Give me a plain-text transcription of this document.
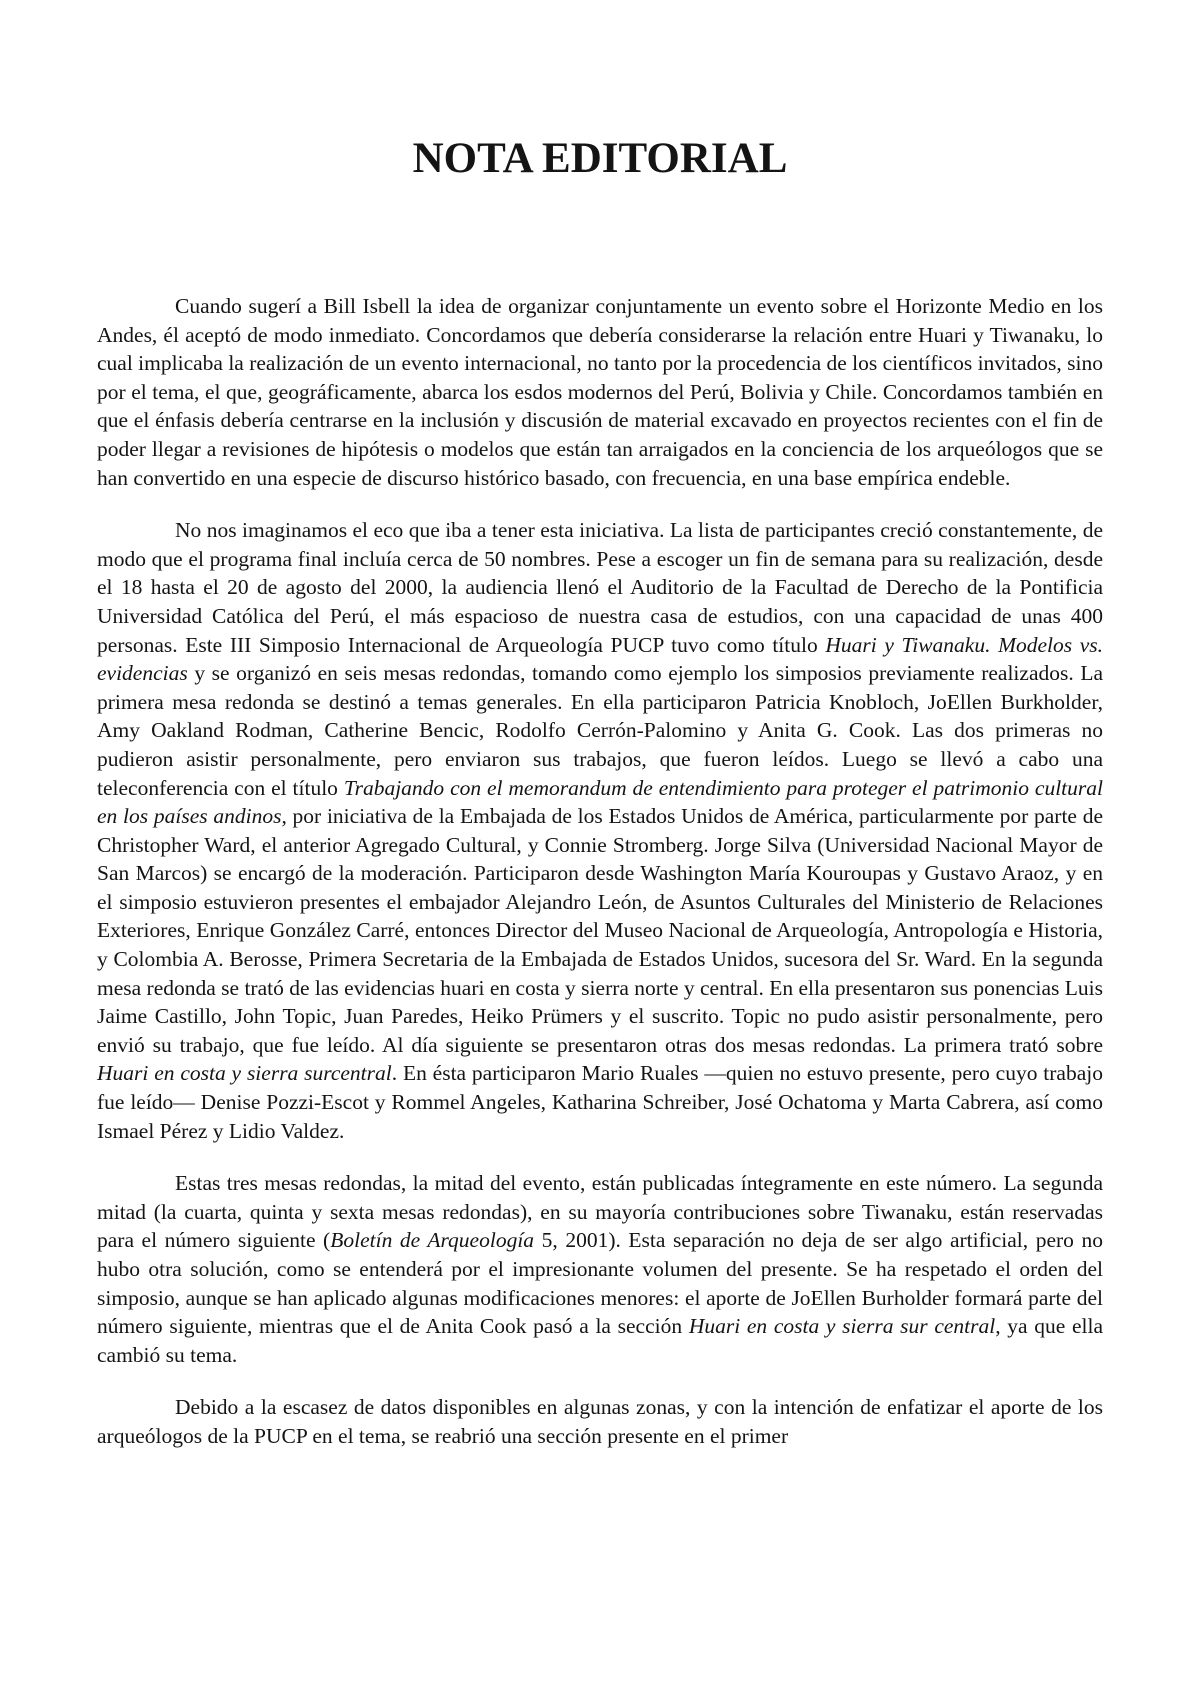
NOTA EDITORIAL

Cuando sugerí a Bill Isbell la idea de organizar conjuntamente un evento sobre el Horizonte Medio en los Andes, él aceptó de modo inmediato. Concordamos que debería considerarse la relación entre Huari y Tiwanaku, lo cual implicaba la realización de un evento internacional, no tanto por la procedencia de los científicos invitados, sino por el tema, el que, geográficamente, abarca los esdos modernos del Perú, Bolivia y Chile. Concordamos también en que el énfasis debería centrarse en la inclusión y discusión de material excavado en proyectos recientes con el fin de poder llegar a revisiones de hipótesis o modelos que están tan arraigados en la conciencia de los arqueólogos que se han convertido en una especie de discurso histórico basado, con frecuencia, en una base empírica endeble.

No nos imaginamos el eco que iba a tener esta iniciativa. La lista de participantes creció constantemente, de modo que el programa final incluía cerca de 50 nombres. Pese a escoger un fin de semana para su realización, desde el 18 hasta el 20 de agosto del 2000, la audiencia llenó el Auditorio de la Facultad de Derecho de la Pontificia Universidad Católica del Perú, el más espacioso de nuestra casa de estudios, con una capacidad de unas 400 personas. Este III Simposio Internacional de Arqueología PUCP tuvo como título Huari y Tiwanaku. Modelos vs. evidencias y se organizó en seis mesas redondas, tomando como ejemplo los simposios previamente realizados. La primera mesa redonda se destinó a temas generales. En ella participaron Patricia Knobloch, JoEllen Burkholder, Amy Oakland Rodman, Catherine Bencic, Rodolfo Cerrón-Palomino y Anita G. Cook. Las dos primeras no pudieron asistir personalmente, pero enviaron sus trabajos, que fueron leídos. Luego se llevó a cabo una teleconferencia con el título Trabajando con el memorandum de entendimiento para proteger el patrimonio cultural en los países andinos, por iniciativa de la Embajada de los Estados Unidos de América, particularmente por parte de Christopher Ward, el anterior Agregado Cultural, y Connie Stromberg. Jorge Silva (Universidad Nacional Mayor de San Marcos) se encargó de la moderación. Participaron desde Washington María Kouroupas y Gustavo Araoz, y en el simposio estuvieron presentes el embajador Alejandro León, de Asuntos Culturales del Ministerio de Relaciones Exteriores, Enrique González Carré, entonces Director del Museo Nacional de Arqueología, Antropología e Historia, y Colombia A. Berosse, Primera Secretaria de la Embajada de Estados Unidos, sucesora del Sr. Ward. En la segunda mesa redonda se trató de las evidencias huari en costa y sierra norte y central. En ella presentaron sus ponencias Luis Jaime Castillo, John Topic, Juan Paredes, Heiko Prümers y el suscrito. Topic no pudo asistir personalmente, pero envió su trabajo, que fue leído. Al día siguiente se presentaron otras dos mesas redondas. La primera trató sobre Huari en costa y sierra surcentral. En ésta participaron Mario Ruales —quien no estuvo presente, pero cuyo trabajo fue leído— Denise Pozzi-Escot y Rommel Angeles, Katharina Schreiber, José Ochatoma y Marta Cabrera, así como Ismael Pérez y Lidio Valdez.

Estas tres mesas redondas, la mitad del evento, están publicadas íntegramente en este número. La segunda mitad (la cuarta, quinta y sexta mesas redondas), en su mayoría contribuciones sobre Tiwanaku, están reservadas para el número siguiente (Boletín de Arqueología 5, 2001). Esta separación no deja de ser algo artificial, pero no hubo otra solución, como se entenderá por el impresionante volumen del presente. Se ha respetado el orden del simposio, aunque se han aplicado algunas modificaciones menores: el aporte de JoEllen Burholder formará parte del número siguiente, mientras que el de Anita Cook pasó a la sección Huari en costa y sierra sur central, ya que ella cambió su tema.

Debido a la escasez de datos disponibles en algunas zonas, y con la intención de enfatizar el aporte de los arqueólogos de la PUCP en el tema, se reabrió una sección presente en el primer
